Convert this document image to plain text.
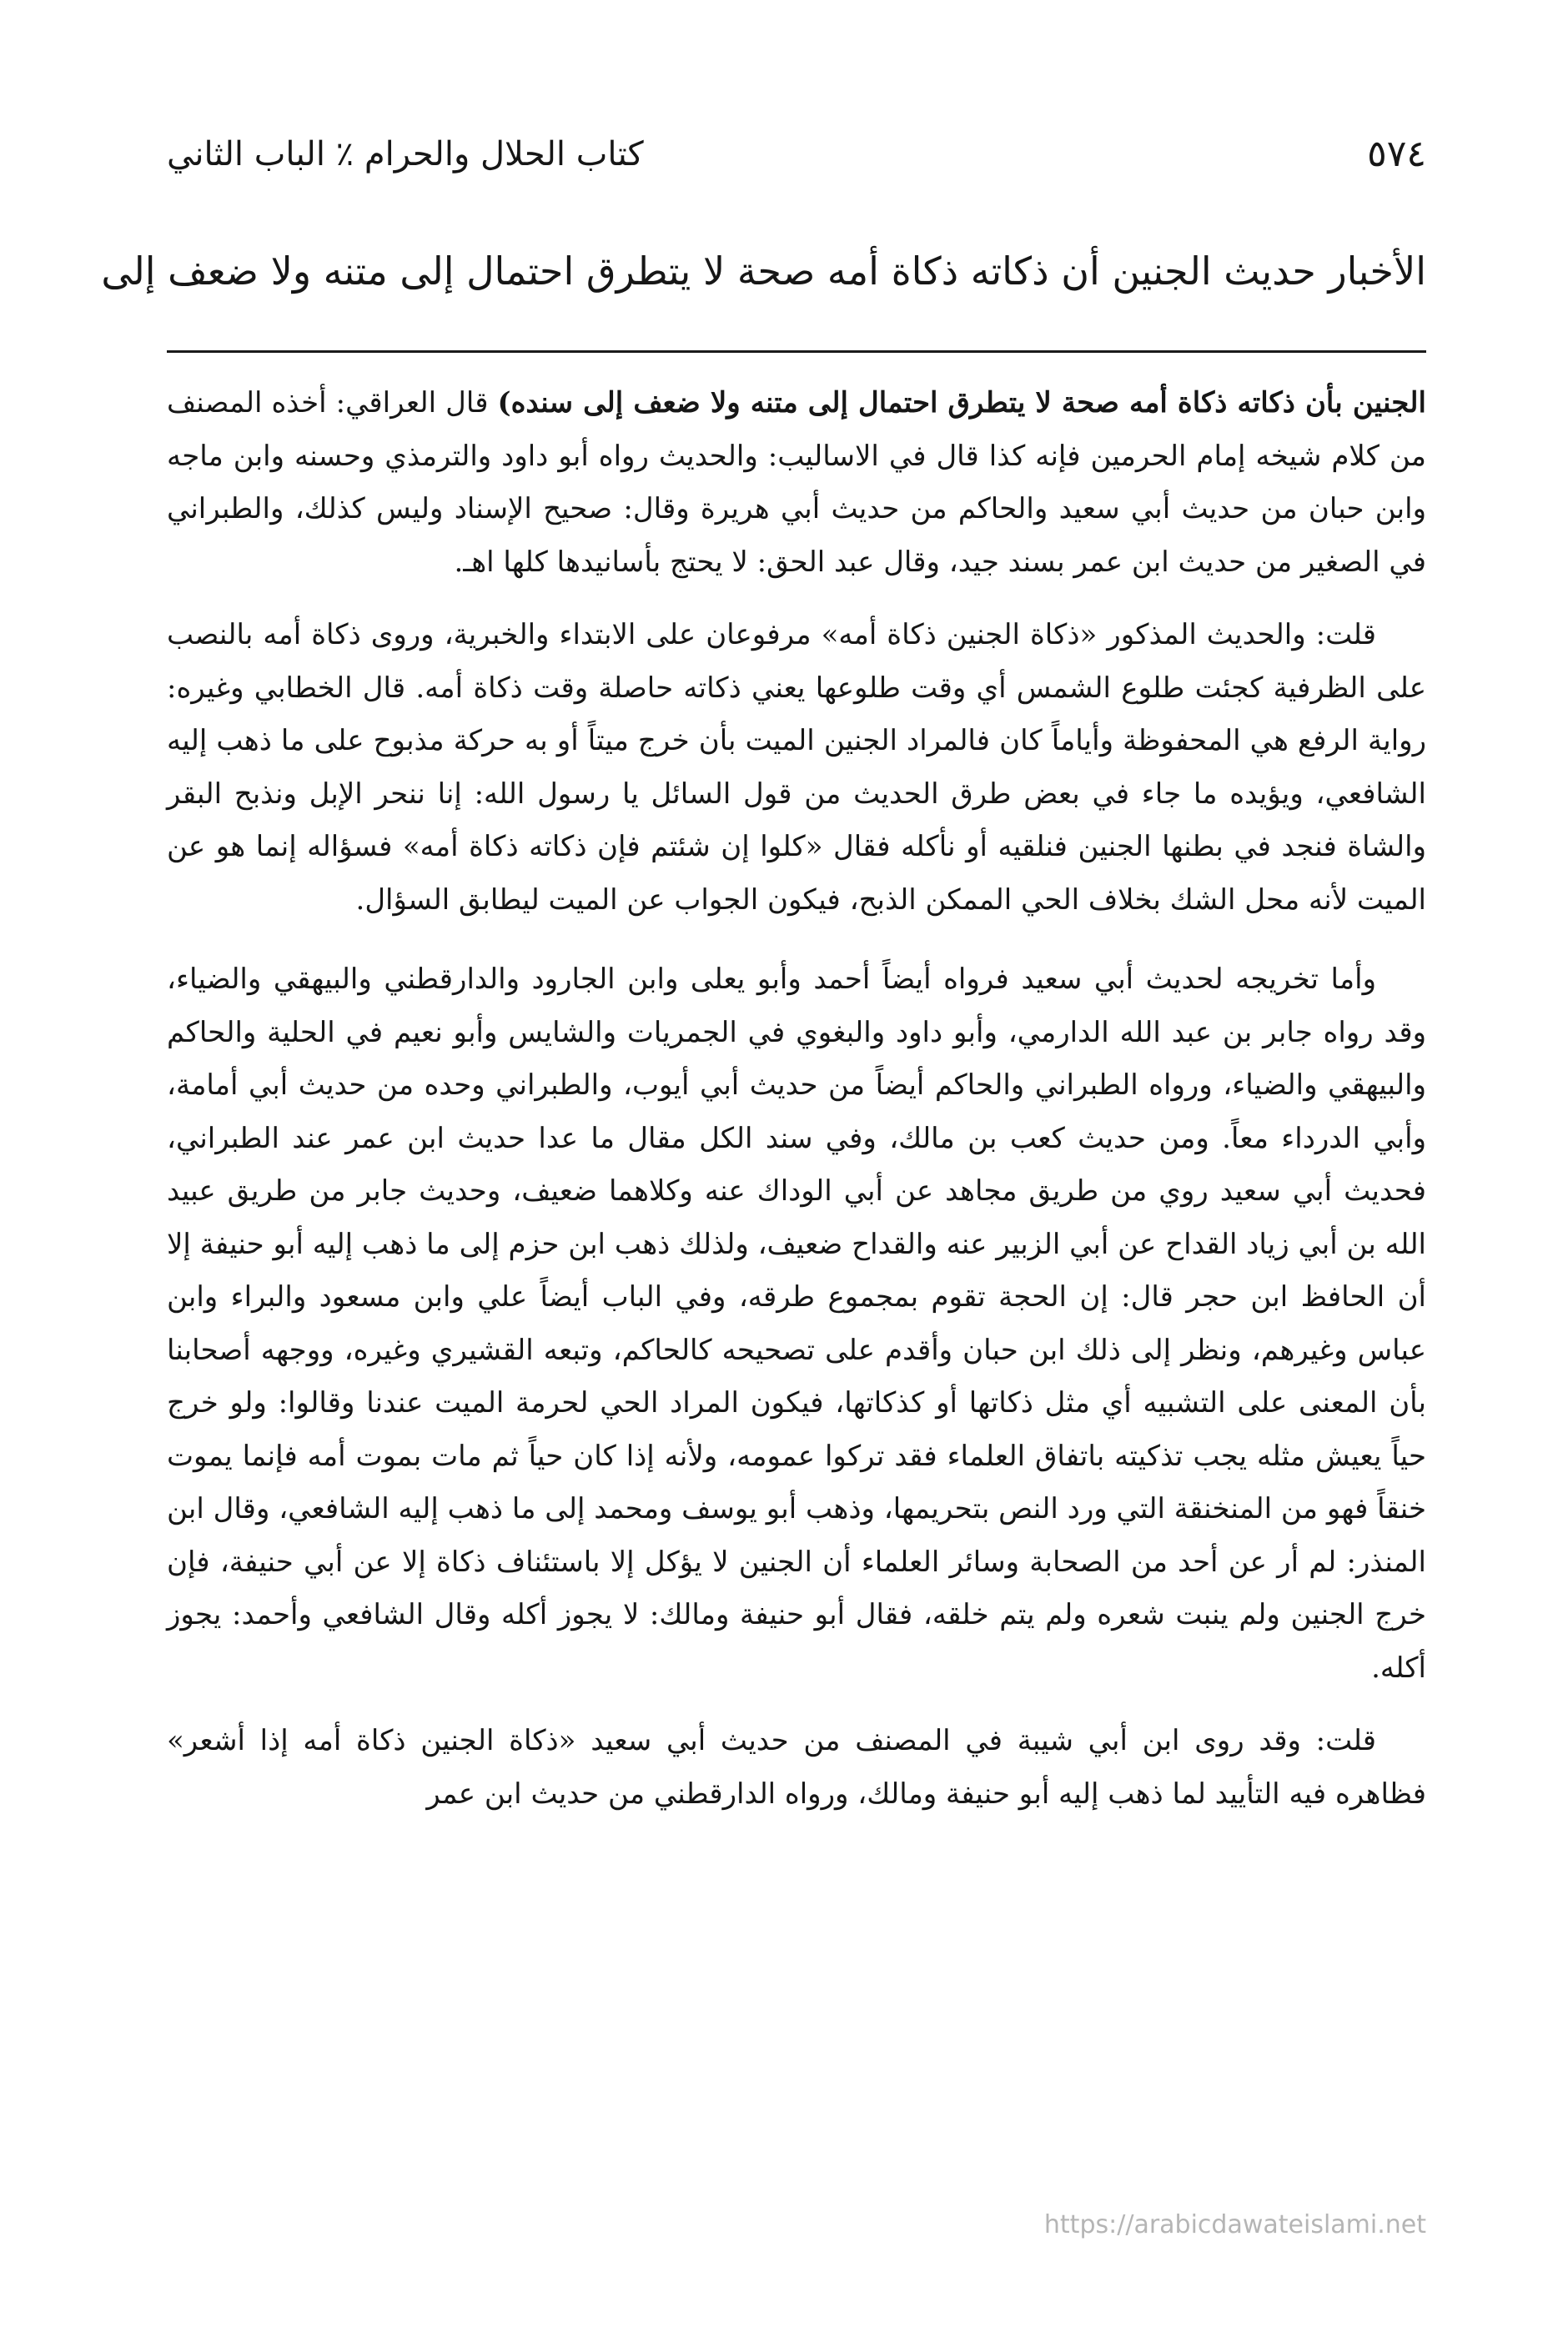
٥٧٤
كتاب الحلال والحرام ٪ الباب الثاني
الأخبار حديث الجنين أن ذكاته ذكاة أمه صحة لا يتطرق احتمال إلى متنه ولا ضعف إلى

الجنين بأن ذكاته ذكاة أمه صحة لا يتطرق احتمال إلى متنه ولا ضعف إلى سنده) قال العراقي: أخذه المصنف من كلام شيخه إمام الحرمين فإنه كذا قال في الاساليب: والحديث رواه أبو داود والترمذي وحسنه وابن ماجه وابن حبان من حديث أبي سعيد والحاكم من حديث أبي هريرة وقال: صحيح الإسناد وليس كذلك، والطبراني في الصغير من حديث ابن عمر بسند جيد، وقال عبد الحق: لا يحتج بأسانيدها كلها اهـ.

قلت: والحديث المذكور «ذكاة الجنين ذكاة أمه» مرفوعان على الابتداء والخبرية، وروى ذكاة أمه بالنصب على الظرفية كجئت طلوع الشمس أي وقت طلوعها يعني ذكاته حاصلة وقت ذكاة أمه. قال الخطابي وغيره: رواية الرفع هي المحفوظة وأياماً كان فالمراد الجنين الميت بأن خرج ميتاً أو به حركة مذبوح على ما ذهب إليه الشافعي، ويؤيده ما جاء في بعض طرق الحديث من قول السائل يا رسول الله: إنا ننحر الإبل ونذبح البقر والشاة فنجد في بطنها الجنين فنلقيه أو نأكله فقال «كلوا إن شئتم فإن ذكاته ذكاة أمه» فسؤاله إنما هو عن الميت لأنه محل الشك بخلاف الحي الممكن الذبح، فيكون الجواب عن الميت ليطابق السؤال.

وأما تخريجه لحديث أبي سعيد فرواه أيضاً أحمد وأبو يعلى وابن الجارود والدارقطني والبيهقي والضياء، وقد رواه جابر بن عبد الله الدارمي، وأبو داود والبغوي في الجمريات والشايس وأبو نعيم في الحلية والحاكم والبيهقي والضياء، ورواه الطبراني والحاكم أيضاً من حديث أبي أيوب، والطبراني وحده من حديث أبي أمامة، وأبي الدرداء معاً. ومن حديث كعب بن مالك، وفي سند الكل مقال ما عدا حديث ابن عمر عند الطبراني، فحديث أبي سعيد روي من طريق مجاهد عن أبي الوداك عنه وكلاهما ضعيف، وحديث جابر من طريق عبيد الله بن أبي زياد القداح عن أبي الزبير عنه والقداح ضعيف، ولذلك ذهب ابن حزم إلى ما ذهب إليه أبو حنيفة إلا أن الحافظ ابن حجر قال: إن الحجة تقوم بمجموع طرقه، وفي الباب أيضاً علي وابن مسعود والبراء وابن عباس وغيرهم، ونظر إلى ذلك ابن حبان وأقدم على تصحيحه كالحاكم، وتبعه القشيري وغيره، ووجهه أصحابنا بأن المعنى على التشبيه أي مثل ذكاتها أو كذكاتها، فيكون المراد الحي لحرمة الميت عندنا وقالوا: ولو خرج حياً يعيش مثله يجب تذكيته باتفاق العلماء فقد تركوا عمومه، ولأنه إذا كان حياً ثم مات بموت أمه فإنما يموت خنقاً فهو من المنخنقة التي ورد النص بتحريمها، وذهب أبو يوسف ومحمد إلى ما ذهب إليه الشافعي، وقال ابن المنذر: لم أر عن أحد من الصحابة وسائر العلماء أن الجنين لا يؤكل إلا باستئناف ذكاة إلا عن أبي حنيفة، فإن خرج الجنين ولم ينبت شعره ولم يتم خلقه، فقال أبو حنيفة ومالك: لا يجوز أكله وقال الشافعي وأحمد: يجوز أكله.

قلت: وقد روى ابن أبي شيبة في المصنف من حديث أبي سعيد «ذكاة الجنين ذكاة أمه إذا أشعر» فظاهره فيه التأييد لما ذهب إليه أبو حنيفة ومالك، ورواه الدارقطني من حديث ابن عمر

https://arabicdawateislami.net
